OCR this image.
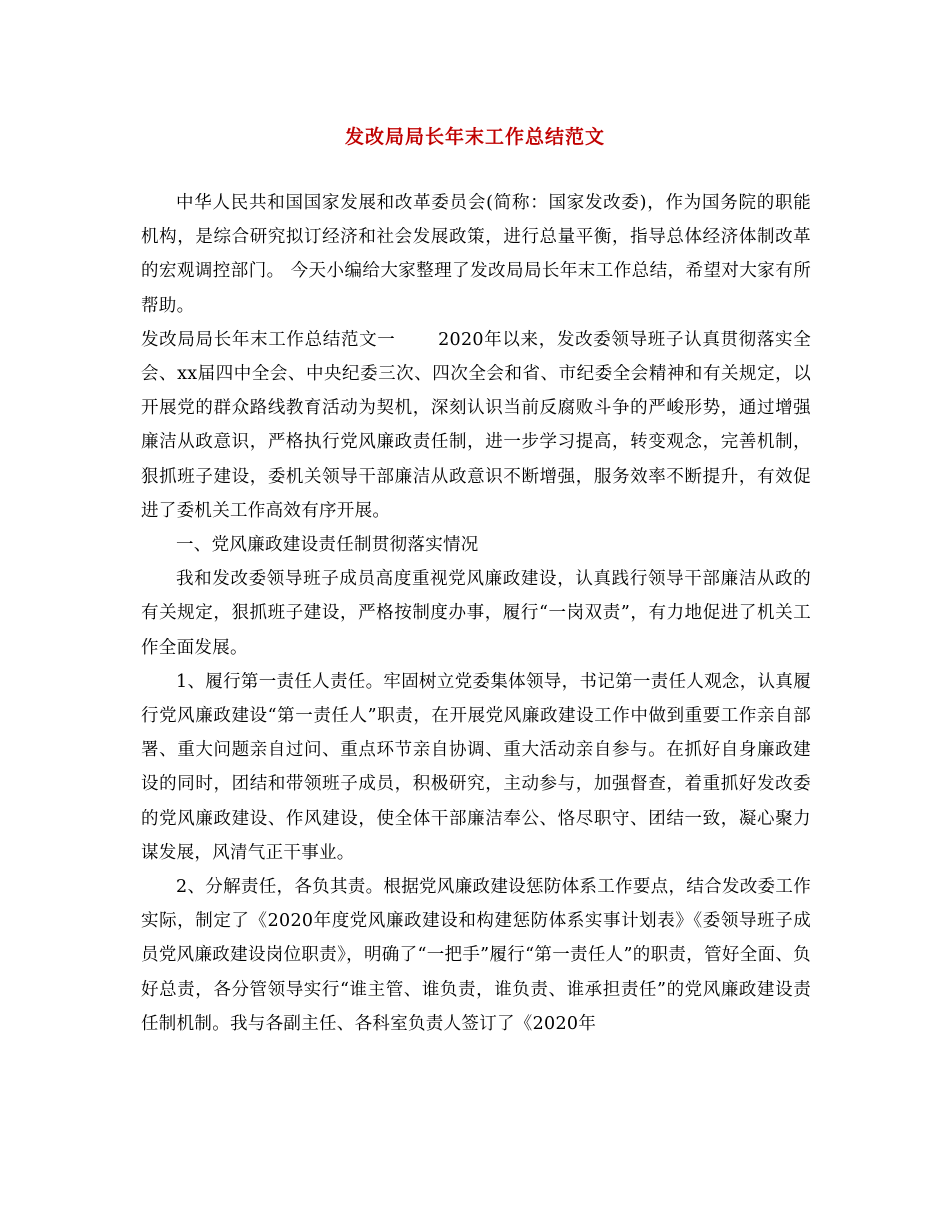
发改局局长年末工作总结范文

中华人民共和国国家发展和改革委员会(简称：国家发改委)，作为国务院的职能机构，是综合研究拟订经济和社会发展政策，进行总量平衡，指导总体经济体制改革的宏观调控部门。 今天小编给大家整理了发改局局长年末工作总结，希望对大家有所帮助。

发改局局长年末工作总结范文一　　 2020年以来，发改委领导班子认真贯彻落实全会、xx届四中全会、中央纪委三次、四次全会和省、市纪委全会精神和有关规定，以开展党的群众路线教育活动为契机，深刻认识当前反腐败斗争的严峻形势，通过增强廉洁从政意识，严格执行党风廉政责任制，进一步学习提高，转变观念，完善机制，狠抓班子建设，委机关领导干部廉洁从政意识不断增强，服务效率不断提升，有效促进了委机关工作高效有序开展。

一、党风廉政建设责任制贯彻落实情况

我和发改委领导班子成员高度重视党风廉政建设，认真践行领导干部廉洁从政的有关规定，狠抓班子建设，严格按制度办事，履行“一岗双责”，有力地促进了机关工作全面发展。

1、履行第一责任人责任。牢固树立党委集体领导，书记第一责任人观念，认真履行党风廉政建设“第一责任人”职责，在开展党风廉政建设工作中做到重要工作亲自部署、重大问题亲自过问、重点环节亲自协调、重大活动亲自参与。在抓好自身廉政建设的同时，团结和带领班子成员，积极研究，主动参与，加强督查，着重抓好发改委的党风廉政建设、作风建设，使全体干部廉洁奉公、恪尽职守、团结一致，凝心聚力谋发展，风清气正干事业。

2、分解责任，各负其责。根据党风廉政建设惩防体系工作要点，结合发改委工作实际，制定了《2020年度党风廉政建设和构建惩防体系实事计划表》《委领导班子成员党风廉政建设岗位职责》，明确了“一把手”履行“第一责任人”的职责，管好全面、负好总责，各分管领导实行“谁主管、谁负责，谁负责、谁承担责任”的党风廉政建设责任制机制。我与各副主任、各科室负责人签订了《2020年
